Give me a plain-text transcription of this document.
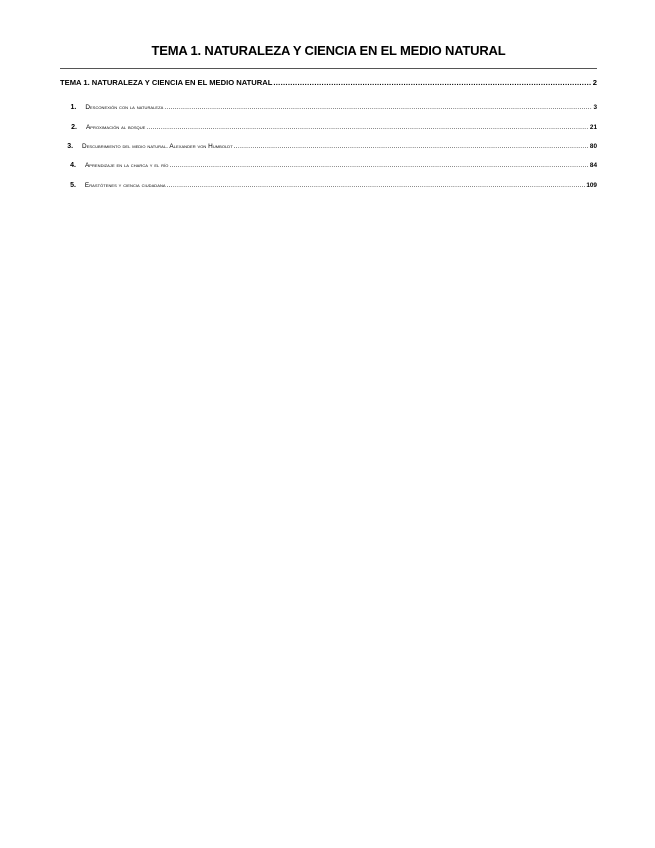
TEMA 1. NATURALEZA Y CIENCIA EN EL MEDIO NATURAL
TEMA 1. NATURALEZA Y CIENCIA EN EL MEDIO NATURAL .....	2
1. Desconexión con la naturaleza .....	3
2. Aproximación al bosque .....	21
3. Descubrimiento del medio natural. Alexander von Humboldt .....	80
4. Aprendizaje en la charca y el río .....	84
5. Erastótenes y ciencia ciudadana .....	109
